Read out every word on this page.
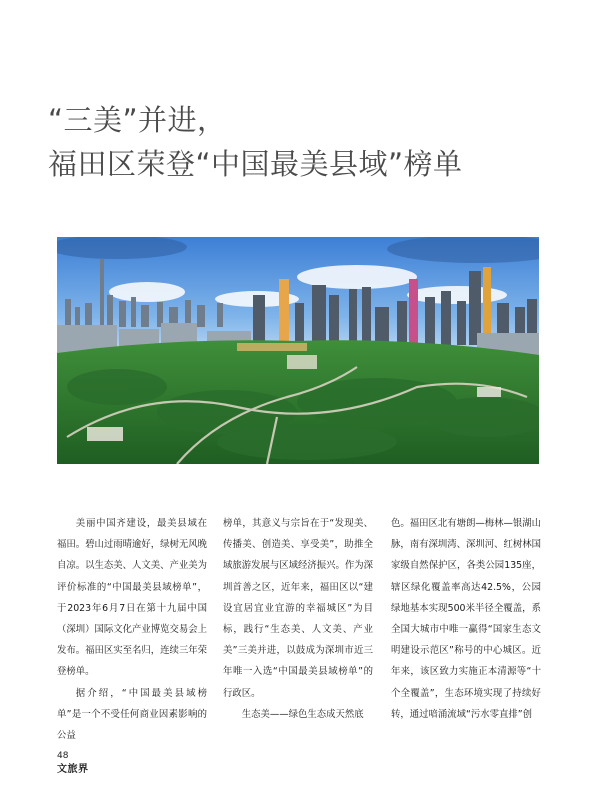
“三美”并进，
福田区荣登“中国最美县域”榜单

美丽中国齐建设，最美县域在福田。碧山过雨晴逾好，绿树无风晚自凉。以生态美、人文美、产业美为评价标准的“中国最美县域榜单”，于2023年6月7日在第十九届中国（深圳）国际文化产业博览交易会上发布。福田区实至名归，连续三年荣登榜单。

据介绍，“中国最美县域榜单”是一个不受任何商业因素影响的公益

榜单，其意义与宗旨在于“发现美、传播美、创造美、享受美”，助推全域旅游发展与区域经济振兴。作为深圳首善之区，近年来，福田区以“建设宜居宜业宜游的幸福城区”为目标，践行“生态美、人文美、产业美”三美并进，以鼓成为深圳市近三年唯一入选“中国最美县域榜单”的行政区。

生态美——绿色生态成天然底

色。福田区北有塘朗—梅林—银湖山脉，南有深圳湾、深圳河、红树林国家级自然保护区，各类公园135座，辖区绿化覆盖率高达42.5%，公园绿地基本实现500米半径全覆盖，系全国大城市中唯一赢得“国家生态文明建设示范区”称号的中心城区。近年来，该区致力实施正本清源等“十个全覆盖”，生态环境实现了持续好转，通过喑涌流域“污水零直排”创

48
文旅界
